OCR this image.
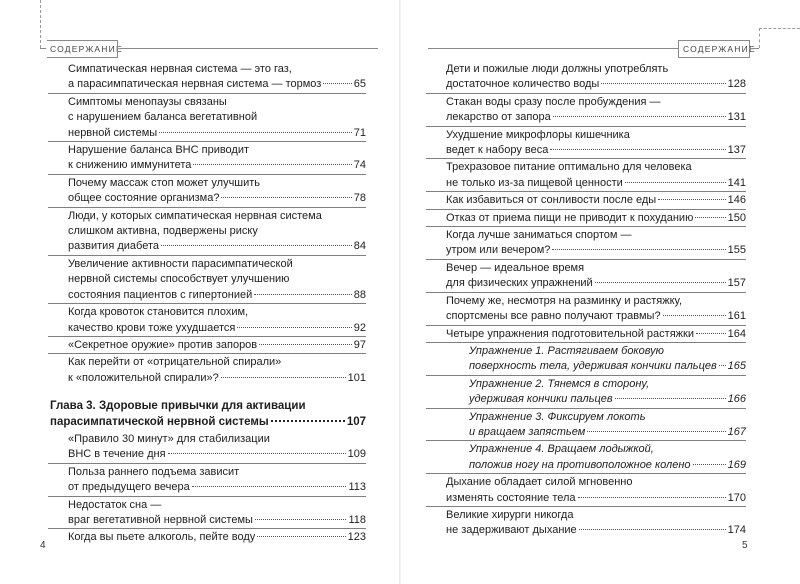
СОДЕРЖАНИЕ	СОДЕРЖАНИЕ
Симпатическая нервная система — это газ,
а парасимпатическая нервная система — тормоз	65
Симптомы менопаузы связаны
с нарушением баланса вегетативной
нервной системы	71
Нарушение баланса ВНС приводит
к снижению иммунитета	74
Почему массаж стоп может улучшить
общее состояние организма?	78
Люди, у которых симпатическая нервная система
слишком активна, подвержены риску
развития диабета	84
Увеличение активности парасимпатической
нервной системы способствует улучшению
состояния пациентов с гипертонией	88
Когда кровоток становится плохим,
качество крови тоже ухудшается	92
«Секретное оружие» против запоров	97
Как перейти от «отрицательной спирали»
к «положительной спирали»?	101
Глава 3. Здоровые привычки для активации
парасимпатической нервной системы	107
«Правило 30 минут» для стабилизации
ВНС в течение дня	109
Польза раннего подъема зависит
от предыдущего вечера	113
Недостаток сна —
враг вегетативной нервной системы	118
Когда вы пьете алкоголь, пейте воду	123
4
Дети и пожилые люди должны употреблять
достаточное количество воды	128
Стакан воды сразу после пробуждения —
лекарство от запора	131
Ухудшение микрофлоры кишечника
ведет к набору веса	137
Трехразовое питание оптимально для человека
не только из-за пищевой ценности	141
Как избавиться от сонливости после еды	146
Отказ от приема пищи не приводит к похуданию	150
Когда лучше заниматься спортом —
утром или вечером?	155
Вечер — идеальное время
для физических упражнений	157
Почему же, несмотря на разминку и растяжку,
спортсмены все равно получают травмы?	161
Четыре упражнения подготовительной растяжки	164
Упражнение 1. Растягиваем боковую
поверхность тела, удерживая кончики пальцев 165
Упражнение 2. Тянемся в сторону,
удерживая кончики пальцев	166
Упражнение 3. Фиксируем локоть
и вращаем запястьем	167
Упражнение 4. Вращаем лодыжкой,
положив ногу на противоположное колено	169
Дыхание обладает силой мгновенно
изменять состояние тела	170
Великие хирурги никогда
не задерживают дыхание	174
5
